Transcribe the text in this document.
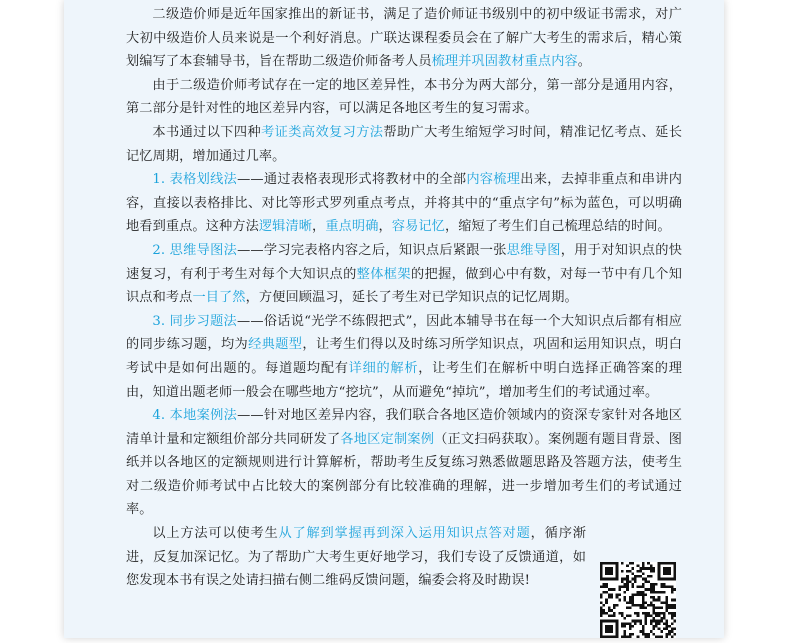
二级造价师是近年国家推出的新证书，满足了造价师证书级别中的初中级证书需求，对广大初中级造价人员来说是一个利好消息。广联达课程委员会在了解广大考生的需求后，精心策划编写了本套辅导书，旨在帮助二级造价师备考人员梳理并巩固教材重点内容。

由于二级造价师考试存在一定的地区差异性，本书分为两大部分，第一部分是通用内容，第二部分是针对性的地区差异内容，可以满足各地区考生的复习需求。

本书通过以下四种考证类高效复习方法帮助广大考生缩短学习时间，精准记忆考点、延长记忆周期，增加通过几率。

1. 表格划线法——通过表格表现形式将教材中的全部内容梳理出来，去掉非重点和串讲内容，直接以表格排比、对比等形式罗列重点考点，并将其中的“重点字句”标为蓝色，可以明确地看到重点。这种方法逻辑清晰，重点明确，容易记忆，缩短了考生们自己梳理总结的时间。

2. 思维导图法——学习完表格内容之后，知识点后紧跟一张思维导图，用于对知识点的快速复习，有利于考生对每个大知识点的整体框架的把握，做到心中有数，对每一节中有几个知识点和考点一目了然，方便回顾温习，延长了考生对已学知识点的记忆周期。

3. 同步习题法——俗话说“光学不练假把式”，因此本辅导书在每一个大知识点后都有相应的同步练习题，均为经典题型，让考生们得以及时练习所学知识点，巩固和运用知识点，明白考试中是如何出题的。每道题均配有详细的解析，让考生们在解析中明白选择正确答案的理由，知道出题老师一般会在哪些地方“挖坑”，从而避免“掉坑”，增加考生们的考试通过率。

4. 本地案例法——针对地区差异内容，我们联合各地区造价领域内的资深专家针对各地区清单计量和定额组价部分共同研发了各地区定制案例（正文扫码获取）。案例题有题目背景、图纸并以各地区的定额规则进行计算解析，帮助考生反复练习熟悉做题思路及答题方法，使考生对二级造价师考试中占比较大的案例部分有比较准确的理解，进一步增加考生们的考试通过率。

以上方法可以使考生从了解到掌握再到深入运用知识点答对题，循序渐进，反复加深记忆。为了帮助广大考生更好地学习，我们专设了反馈通道，如您发现本书有误之处请扫描右侧二维码反馈问题，编委会将及时勘误!
